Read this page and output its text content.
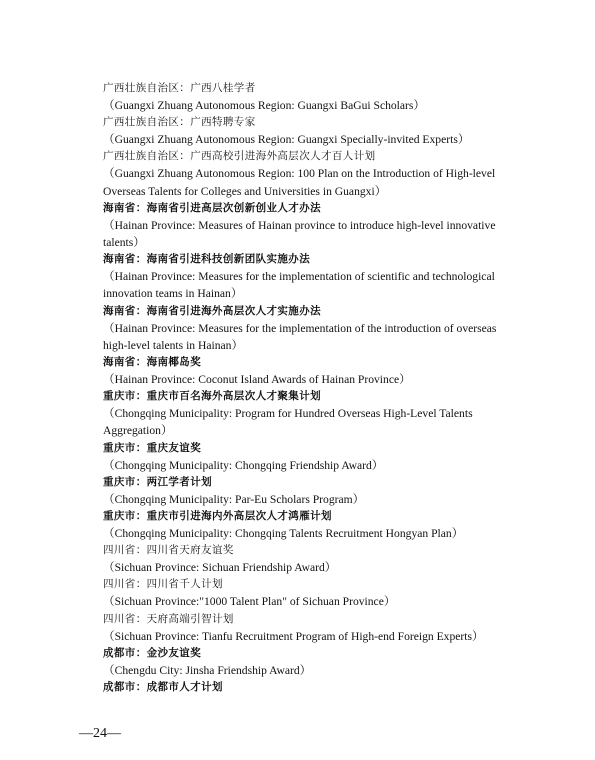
广西壮族自治区：广西八桂学者
（Guangxi Zhuang Autonomous Region: Guangxi BaGui Scholars）
广西壮族自治区：广西特聘专家
（Guangxi Zhuang Autonomous Region: Guangxi Specially-invited Experts）
广西壮族自治区：广西高校引进海外高层次人才百人计划
（Guangxi Zhuang Autonomous Region: 100 Plan on the Introduction of High-level Overseas Talents for Colleges and Universities in Guangxi）
海南省：海南省引进高层次创新创业人才办法
（Hainan Province: Measures of Hainan province to introduce high-level innovative talents）
海南省：海南省引进科技创新团队实施办法
（Hainan Province: Measures for the implementation of scientific and technological innovation teams in Hainan）
海南省：海南省引进海外高层次人才实施办法
（Hainan Province: Measures for the implementation of the introduction of overseas high-level talents in Hainan）
海南省：海南椰岛奖
（Hainan Province: Coconut Island Awards of Hainan Province）
重庆市：重庆市百名海外高层次人才聚集计划
（Chongqing Municipality: Program for Hundred Overseas High-Level Talents Aggregation）
重庆市：重庆友谊奖
（Chongqing Municipality: Chongqing Friendship Award）
重庆市：两江学者计划
（Chongqing Municipality: Par-Eu Scholars Program）
重庆市：重庆市引进海内外高层次人才鸿雁计划
（Chongqing Municipality: Chongqing Talents Recruitment Hongyan Plan）
四川省：四川省天府友谊奖
（Sichuan Province: Sichuan Friendship Award）
四川省：四川省千人计划
（Sichuan Province:"1000 Talent Plan" of Sichuan Province）
四川省：天府高端引智计划
（Sichuan Province: Tianfu Recruitment Program of High-end Foreign Experts）
成都市：金沙友谊奖
（Chengdu City: Jinsha Friendship Award）
成都市：成都市人才计划
—24—
